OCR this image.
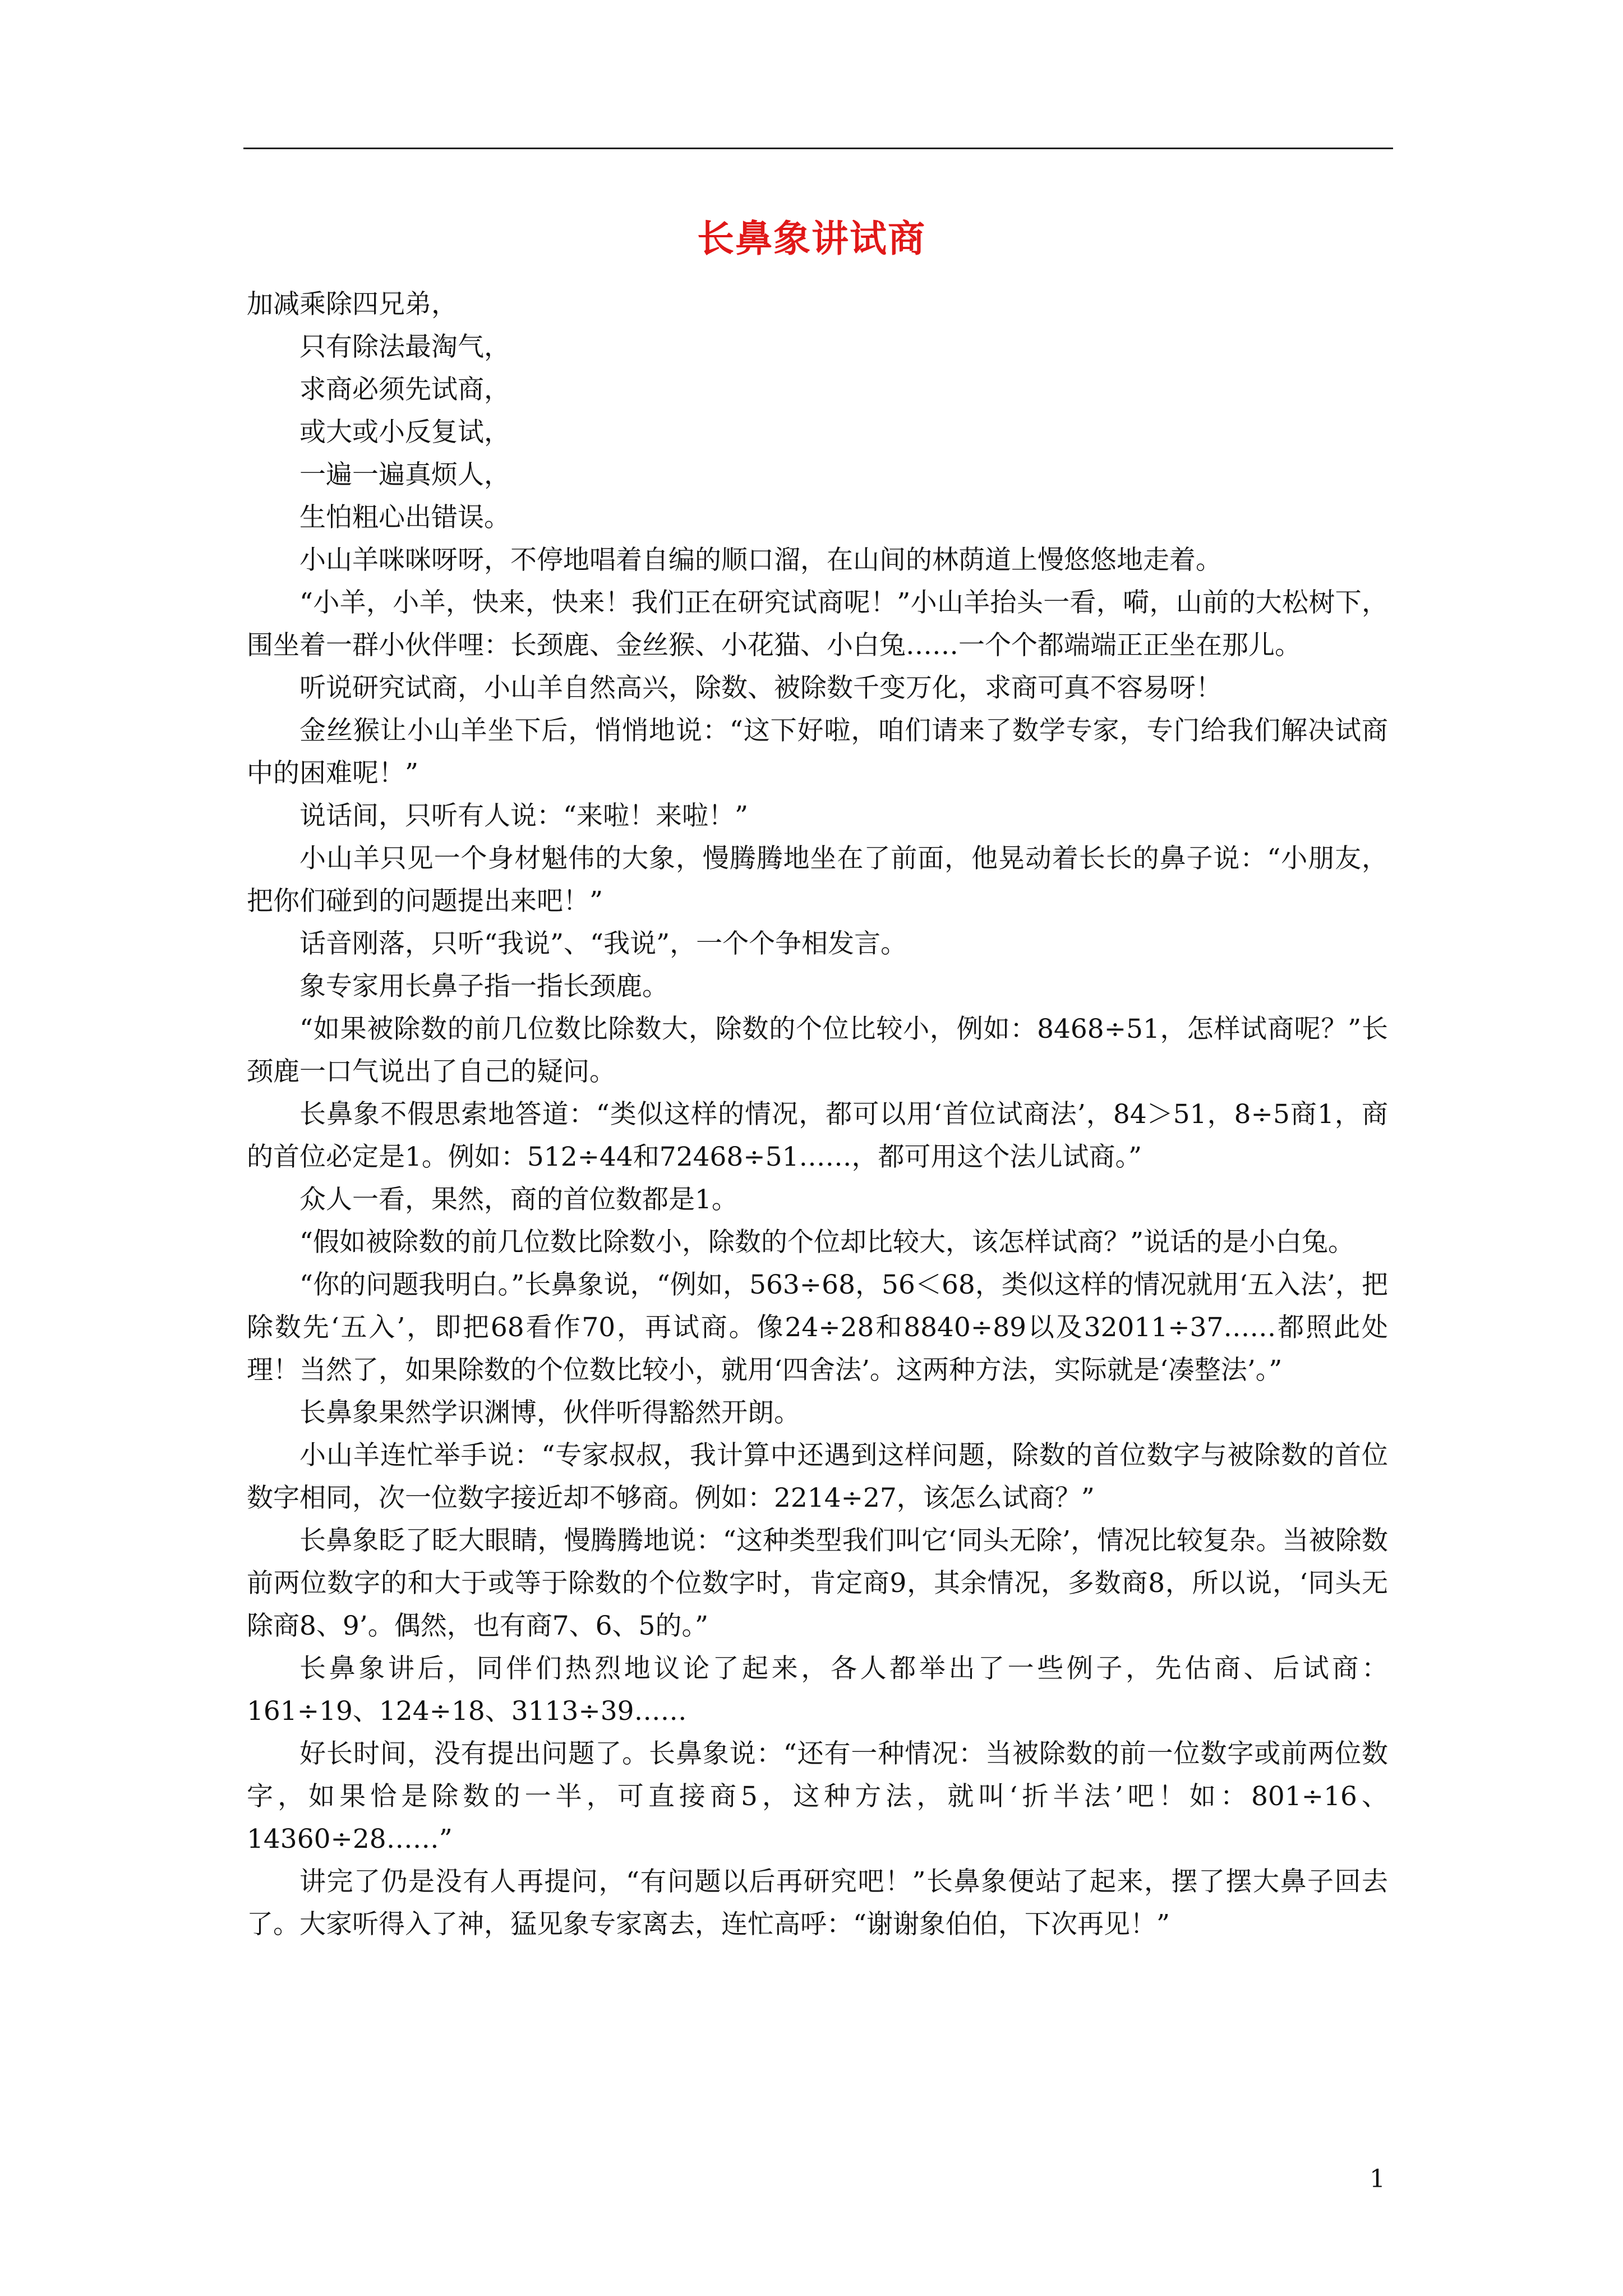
长鼻象讲试商

加减乘除四兄弟，

只有除法最淘气，

求商必须先试商，

或大或小反复试，

一遍一遍真烦人，

生怕粗心出错误。

小山羊咪咪呀呀，不停地唱着自编的顺口溜，在山间的林荫道上慢悠悠地走着。

“小羊，小羊，快来，快来！我们正在研究试商呢！”小山羊抬头一看，嗬，山前的大松树下，围坐着一群小伙伴哩：长颈鹿、金丝猴、小花猫、小白兔……一个个都端端正正坐在那儿。

听说研究试商，小山羊自然高兴，除数、被除数千变万化，求商可真不容易呀！

金丝猴让小山羊坐下后，悄悄地说：“这下好啦，咱们请来了数学专家，专门给我们解决试商中的困难呢！”

说话间，只听有人说：“来啦！来啦！”

小山羊只见一个身材魁伟的大象，慢腾腾地坐在了前面，他晃动着长长的鼻子说：“小朋友，把你们碰到的问题提出来吧！”

话音刚落，只听“我说”、“我说”，一个个争相发言。

象专家用长鼻子指一指长颈鹿。

“如果被除数的前几位数比除数大，除数的个位比较小，例如：8468÷51，怎样试商呢？”长颈鹿一口气说出了自己的疑问。

长鼻象不假思索地答道：“类似这样的情况，都可以用‘首位试商法’，84＞51，8÷5商1，商的首位必定是1。例如：512÷44和72468÷51……，都可用这个法儿试商。”

众人一看，果然，商的首位数都是1。

“假如被除数的前几位数比除数小，除数的个位却比较大，该怎样试商？”说话的是小白兔。

“你的问题我明白。”长鼻象说，“例如，563÷68，56＜68，类似这样的情况就用‘五入法’，把除数先‘五入’，即把68看作70，再试商。像24÷28和8840÷89以及32011÷37……都照此处理！当然了，如果除数的个位数比较小，就用‘四舍法’。这两种方法，实际就是‘凑整法’。”

长鼻象果然学识渊博，伙伴听得豁然开朗。

小山羊连忙举手说：“专家叔叔，我计算中还遇到这样问题，除数的首位数字与被除数的首位数字相同，次一位数字接近却不够商。例如：2214÷27，该怎么试商？”

长鼻象眨了眨大眼睛，慢腾腾地说：“这种类型我们叫它‘同头无除’，情况比较复杂。当被除数前两位数字的和大于或等于除数的个位数字时，肯定商9，其余情况，多数商8，所以说，‘同头无除商8、9’。偶然，也有商7、6、5的。”

长鼻象讲后，同伴们热烈地议论了起来，各人都举出了一些例子，先估商、后试商：161÷19、124÷18、3113÷39……

好长时间，没有提出问题了。长鼻象说：“还有一种情况：当被除数的前一位数字或前两位数字，如果恰是除数的一半，可直接商5，这种方法，就叫‘折半法’吧！如：801÷16、14360÷28……”

讲完了仍是没有人再提问，“有问题以后再研究吧！”长鼻象便站了起来，摆了摆大鼻子回去了。大家听得入了神，猛见象专家离去，连忙高呼：“谢谢象伯伯，下次再见！”

1
